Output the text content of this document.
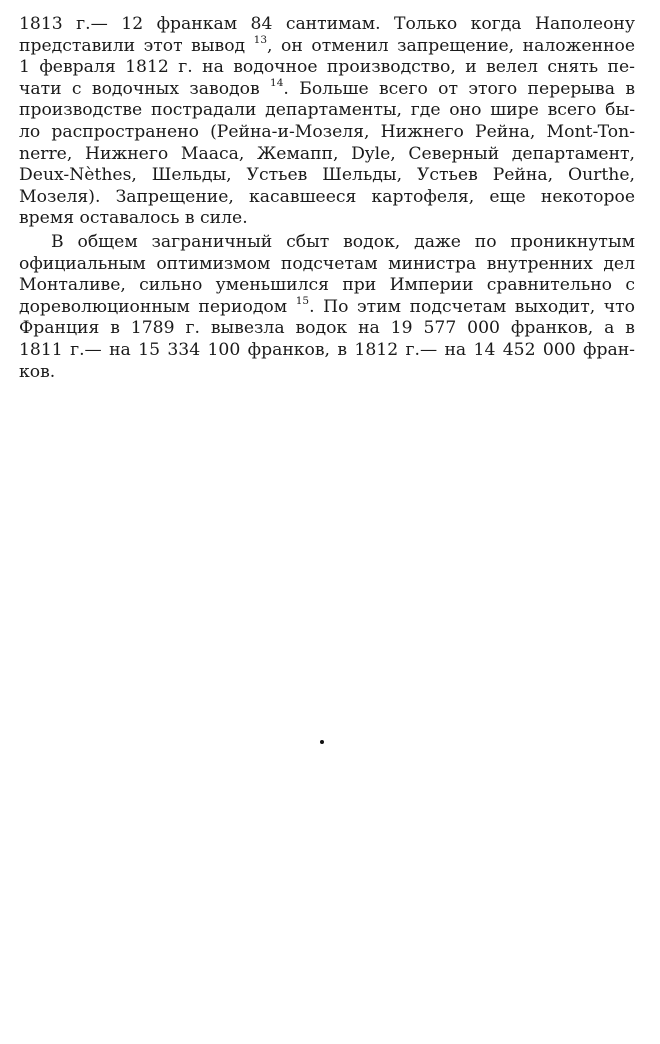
1813 г.— 12 франкам 84 сантимам. Только когда Наполеону
представили этот вывод $^{13}$, он отменил запрещение, наложенное
1 февраля 1812 г. на водочное производство, и велел снять пе-
чати с водочных заводов $^{14}$. Больше всего от этого перерыва в
производстве пострадали департаменты, где оно шире всего бы-
ло распространено (Рейна-и-Мозеля, Нижнего Рейна, Mont-Ton-
nerre, Нижнего Мааса, Жемапп, Dyle, Северный департамент,
Deux-Nèthes, Шельды, Устьев Шельды, Устьев Рейна, Ourthe,
Мозеля). Запрещение, касавшееся картофеля, еще некоторое
время оставалось в силе.
В общем заграничный сбыт водок, даже по проникнутым
официальным оптимизмом подсчетам министра внутренних дел
Монталиве, сильно уменьшился при Империи сравнительно с
дореволюционным периодом $^{15}$. По этим подсчетам выходит, что
Франция в 1789 г. вывезла водок на 19 577 000 франков, а в
1811 г.— на 15 334 100 франков, в 1812 г.— на 14 452 000 фран-
ков.
